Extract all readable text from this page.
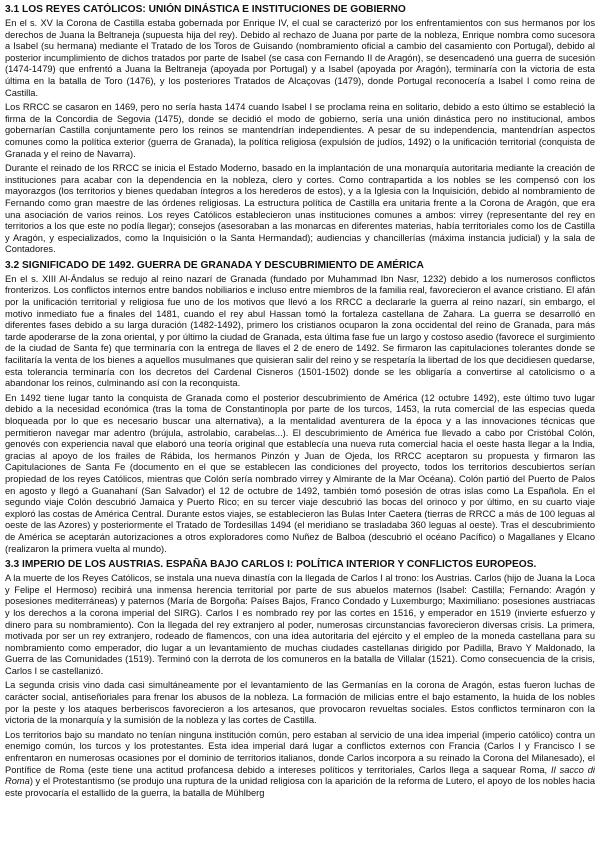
3.1 LOS REYES CATÓLICOS: UNIÓN DINÁSTICA E INSTITUCIONES DE GOBIERNO

En el s. XV la Corona de Castilla estaba gobernada por Enrique IV, el cual se caracterizó por los enfrentamientos con sus hermanos por los derechos de Juana la Beltraneja (supuesta hija del rey). Debido al rechazo de Juana por parte de la nobleza, Enrique nombra como sucesora a Isabel (su hermana) mediante el Tratado de los Toros de Guisando (nombramiento oficial a cambio del casamiento con Portugal), debido al posterior incumplimiento de dichos tratados por parte de Isabel (se casa con Fernando II de Aragón), se desencadenó una guerra de sucesión (1474-1479) que enfrentó a Juana la Beltraneja (apoyada por Portugal) y a Isabel (apoyada por Aragón), terminaría con la victoria de esta última en la batalla de Toro (1476), y los posteriores Tratados de Alcaçovas (1479), donde Portugal reconocería a Isabel I como reina de Castilla.

Los RRCC se casaron en 1469, pero no sería hasta 1474 cuando Isabel I se proclama reina en solitario, debido a esto último se estableció la firma de la Concordia de Segovia (1475), donde se decidió el modo de gobierno, sería una unión dinástica pero no institucional, ambos gobernarían Castilla conjuntamente pero los reinos se mantendrían independientes. A pesar de su independencia, mantendrían aspectos comunes como la política exterior (guerra de Granada), la política religiosa (expulsión de judíos, 1492) o la unificación territorial (conquista de Granada y el reino de Navarra).

Durante el reinado de los RRCC se inicia el Estado Moderno, basado en la implantación de una monarquía autoritaria mediante la creación de instituciones para acabar con la dependencia en la nobleza, clero y cortes. Como contrapartida a los nobles se les compensó con los mayorazgos (los territorios y bienes quedaban íntegros a los herederos de estos), y a la Iglesia con la Inquisición, debido al nombramiento de Fernando como gran maestre de las órdenes religiosas. La estructura política de Castilla era unitaria frente a la Corona de Aragón, que era una asociación de varios reinos. Los reyes Católicos establecieron unas instituciones comunes a ambos: virrey (representante del rey en territorios a los que este no podía llegar); consejos (asesoraban a las monarcas en diferentes materias, había territoriales como los de Castilla y Aragón, y especializados, como la Inquisición o la Santa Hermandad); audiencias y chancillerías (máxima instancia judicial) y la sala de Contadores.

3.2 SIGNIFICADO DE 1492. GUERRA DE GRANADA Y DESCUBRIMIENTO DE AMÉRICA

En el s. XIII Al-Ándalus se redujo al reino nazarí de Granada (fundado por Muhammad Ibn Nasr, 1232) debido a los numerosos conflictos fronterizos. Los conflictos internos entre bandos nobiliarios e incluso entre miembros de la familia real, favorecieron el avance cristiano. El afán por la unificación territorial y religiosa fue uno de los motivos que llevó a los RRCC a declararle la guerra al reino nazarí, sin embargo, el motivo inmediato fue a finales del 1481, cuando el rey abul Hassan tomó la fortaleza castellana de Zahara. La guerra se desarrolló en diferentes fases debido a su larga duración (1482-1492), primero los cristianos ocuparon la zona occidental del reino de Granada, para más tarde apoderarse de la zona oriental, y por último la ciudad de Granada, esta última fase fue un largo y costoso asedio (favorece el surgimiento de la ciudad de Santa fe) que terminaría con la entrega de llaves el 2 de enero de 1492. Se firmaron las capitulaciones tolerantes donde se facilitaría la venta de los bienes a aquellos musulmanes que quisieran salir del reino y se respetaría la libertad de los que decidiesen quedarse, esta tolerancia terminaría con los decretos del Cardenal Cisneros (1501-1502) donde se les obligaría a convertirse al catolicismo o a abandonar los reinos, culminando así con la reconquista.

En 1492 tiene lugar tanto la conquista de Granada como el posterior descubrimiento de América (12 octubre 1492), este último tuvo lugar debido a la necesidad económica (tras la toma de Constantinopla por parte de los turcos, 1453, la ruta comercial de las especias queda bloqueada por lo que es necesario buscar una alternativa), a la mentalidad aventurera de la época y a las innovaciones técnicas que permitieron navegar mar adentro (brújula, astrolabio, carabelas...). El descubrimiento de América fue llevado a cabo por Cristóbal Colón, genovés con experiencia naval que elaboró una teoría original que establecía una nueva ruta comercial hacia el oeste hasta llegar a la India, gracias al apoyo de los frailes de Rábida, los hermanos Pinzón y Juan de Ojeda, los RRCC aceptaron su propuesta y firmaron las Capitulaciones de Santa Fe (documento en el que se establecen las condiciones del proyecto, todos los territorios descubiertos serían propiedad de los reyes Católicos, mientras que Colón sería nombrado virrey y Almirante de la Mar Océana). Colón partió del Puerto de Palos en agosto y llegó a Guanahaní (San Salvador) el 12 de octubre de 1492, también tomó posesión de otras islas como La Española. En el segundo viaje Colón descubrió Jamaica y Puerto Rico; en su tercer viaje descubrió las bocas del orinoco y por último, en su cuarto viaje exploró las costas de América Central. Durante estos viajes, se establecieron las Bulas Inter Caetera (tierras de RRCC a más de 100 leguas al oeste de las Azores) y posteriormente el Tratado de Tordesillas 1494 (el meridiano se trasladaba 360 leguas al oeste). Tras el descubrimiento de América se aceptarán autorizaciones a otros exploradores como Nuñez de Balboa (descubrió el océano Pacífico) o Magallanes y Elcano (realizaron la primera vuelta al mundo).

3.3 IMPERIO DE LOS AUSTRIAS. ESPAÑA BAJO CARLOS I: POLÍTICA INTERIOR Y CONFLICTOS EUROPEOS.

A la muerte de los Reyes Católicos, se instala una nueva dinastía con la llegada de Carlos I al trono: los Austrias. Carlos (hijo de Juana la Loca y Felipe el Hermoso) recibirá una inmensa herencia territorial por parte de sus abuelos maternos (Isabel: Castilla; Fernando: Aragón y posesiones mediterráneas) y paternos (María de Borgoña: Países Bajos, Franco Condado y Luxemburgo; Maximiliano: posesiones austriacas y los derechos a la corona imperial del SIRG). Carlos I es nombrado rey por las cortes en 1516, y emperador en 1519 (invierte esfuerzo y dinero para su nombramiento). Con la llegada del rey extranjero al poder, numerosas circunstancias favorecieron diversas crisis. La primera, motivada por ser un rey extranjero, rodeado de flamencos, con una idea autoritaria del ejército y el empleo de la moneda castellana para su nombramiento como emperador, dio lugar a un levantamiento de muchas ciudades castellanas dirigido por Padilla, Bravo Y Maldonado, la Guerra de las Comunidades (1519). Terminó con la derrota de los comuneros en la batalla de Villalar (1521). Como consecuencia de la crisis, Carlos I se castellanizó.

La segunda crisis vino dada casi simultáneamente por el levantamiento de las Germanías en la corona de Aragón, estas fueron luchas de carácter social, antiseñoriales para frenar los abusos de la nobleza. La formación de milicias entre el bajo estamento, la huida de los nobles por la peste y los ataques berberiscos favorecieron a los artesanos, que provocaron revueltas sociales. Estos conflictos terminaron con la victoria de la monarquía y la sumisión de la nobleza y las cortes de Castilla.

Los territorios bajo su mandato no tenían ninguna institución común, pero estaban al servicio de una idea imperial (imperio católico) contra un enemigo común, los turcos y los protestantes. Esta idea imperial dará lugar a conflictos externos con Francia (Carlos I y Francisco I se enfrentaron en numerosas ocasiones por el dominio de territorios italianos, donde Carlos incorpora a su reinado la Corona del Milanesado), el Pontífice de Roma (este tiene una actitud profancesa debido a intereses políticos y territoriales, Carlos llega a saquear Roma, Il sacco di Roma) y el Protestantismo (se produjo una ruptura de la unidad religiosa con la aparición de la reforma de Lutero, el apoyo de los nobles hacia este provocaría el estallido de la guerra, la batalla de Mühlberg
